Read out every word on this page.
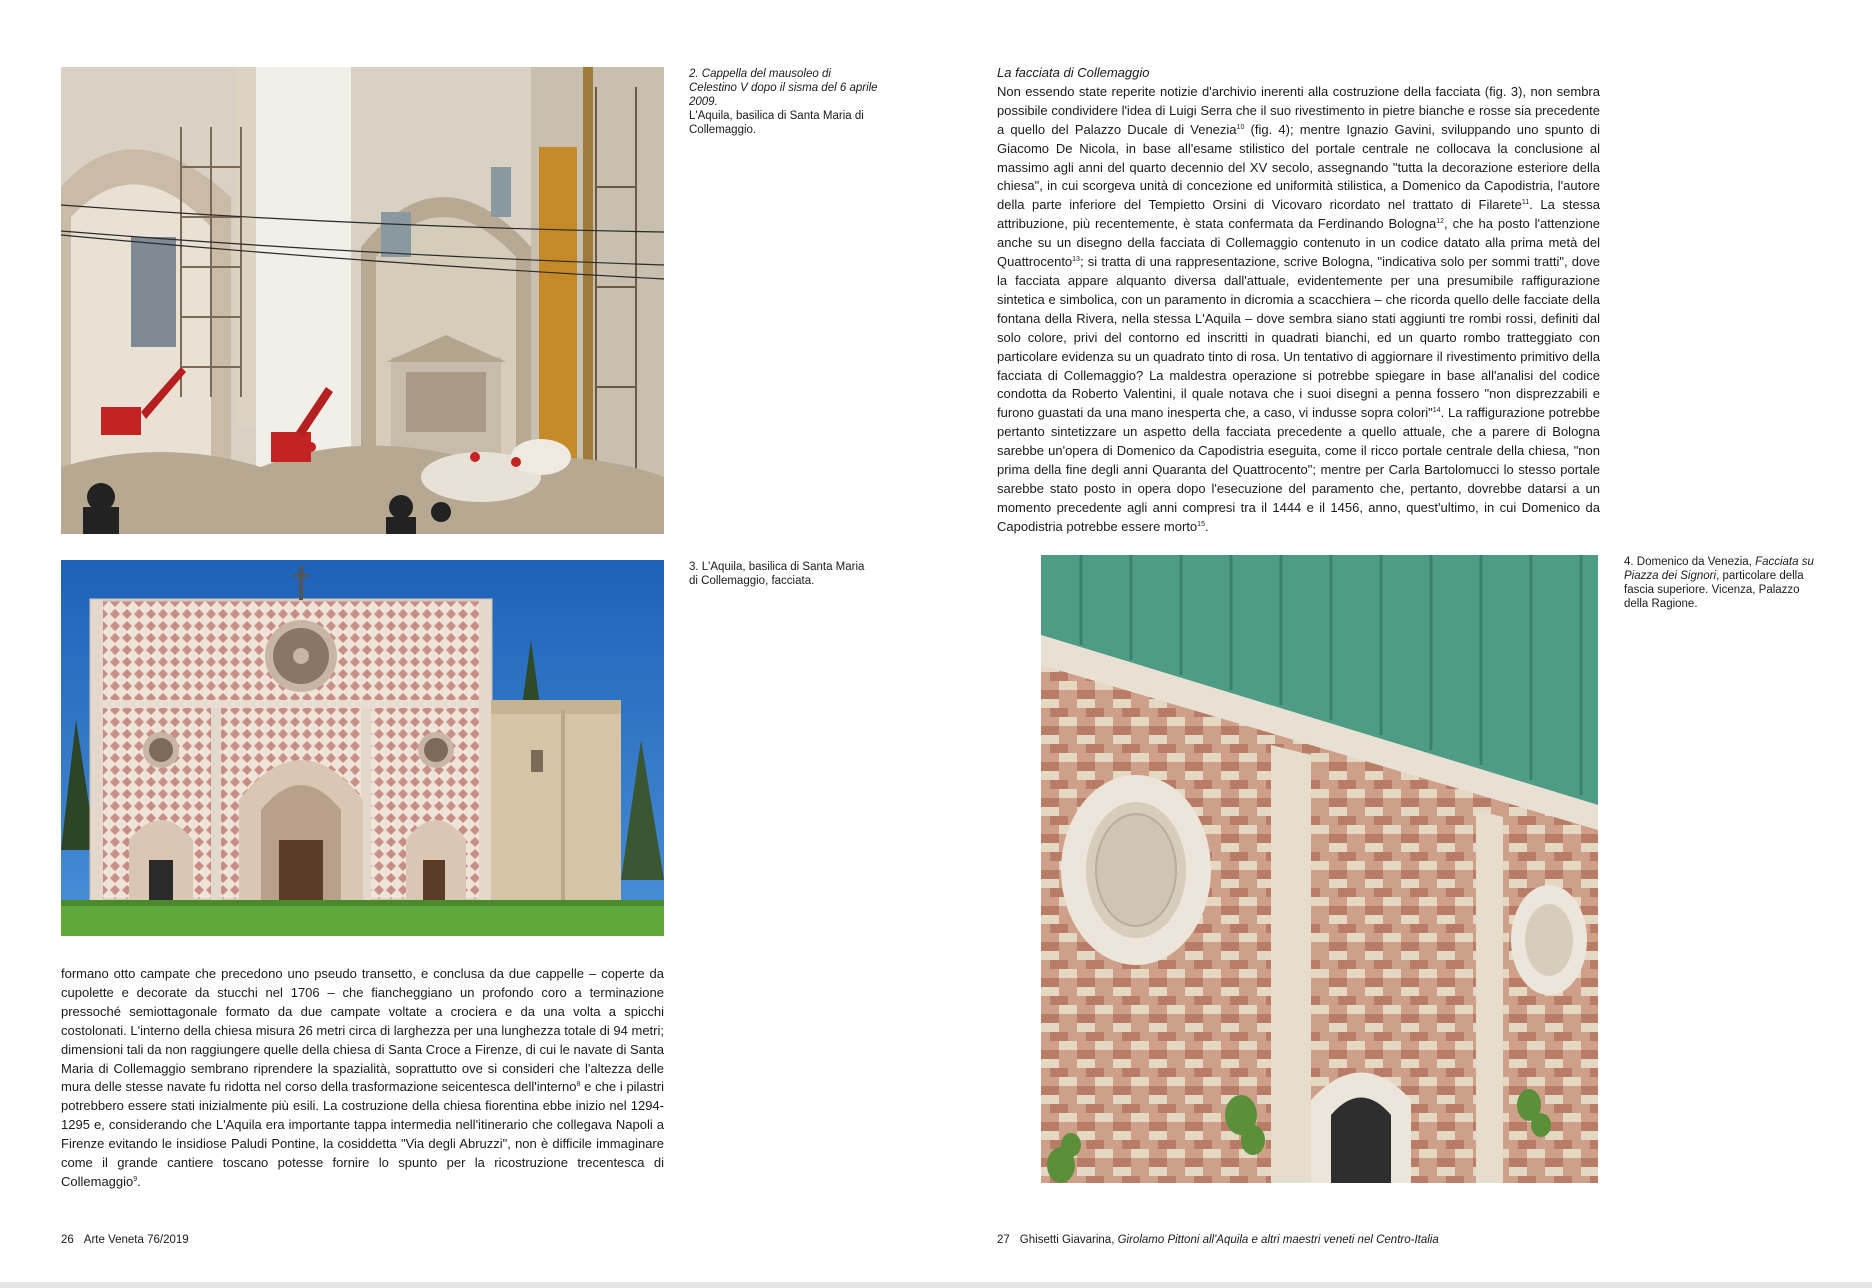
2. Cappella del mausoleo di Celestino V dopo il sisma del 6 aprile 2009.
L'Aquila, basilica di Santa Maria di Collemaggio.

3. L'Aquila, basilica di Santa Maria di Collemaggio, facciata.

formano otto campate che precedono uno pseudo transetto, e conclusa da due cappelle – coperte da cupolette e decorate da stucchi nel 1706 – che fiancheggiano un profondo coro a terminazione pressoché semiottagonale formato da due campate voltate a crociera e da una volta a spicchi costolonati. L'interno della chiesa misura 26 metri circa di larghezza per una lunghezza totale di 94 metri; dimensioni tali da non raggiungere quelle della chiesa di Santa Croce a Firenze, di cui le navate di Santa Maria di Collemaggio sembrano riprendere la spazialità, soprattutto ove si consideri che l'altezza delle mura delle stesse navate fu ridotta nel corso della trasformazione seicentesca dell'interno$^8$ e che i pilastri potrebbero essere stati inizialmente più esili. La costruzione della chiesa fiorentina ebbe inizio nel 1294-1295 e, considerando che L'Aquila era importante tappa intermedia nell'itinerario che collegava Napoli a Firenze evitando le insidiose Paludi Pontine, la cosiddetta "Via degli Abruzzi", non è difficile immaginare come il grande cantiere toscano potesse fornire lo spunto per la ricostruzione trecentesca di Collemaggio$^9$.

26 Arte Veneta 76/2019

La facciata di Collemaggio

Non essendo state reperite notizie d'archivio inerenti alla costruzione della facciata (fig. 3), non sembra possibile condividere l'idea di Luigi Serra che il suo rivestimento in pietre bianche e rosse sia precedente a quello del Palazzo Ducale di Venezia$^{10}$ (fig. 4); mentre Ignazio Gavini, sviluppando uno spunto di Giacomo De Nicola, in base all'esame stilistico del portale centrale ne collocava la conclusione al massimo agli anni del quarto decennio del XV secolo, assegnando "tutta la decorazione esteriore della chiesa", in cui scorgeva unità di concezione ed uniformità stilistica, a Domenico da Capodistria, l'autore della parte inferiore del Tempietto Orsini di Vicovaro ricordato nel trattato di Filarete$^{11}$. La stessa attribuzione, più recentemente, è stata confermata da Ferdinando Bologna$^{12}$, che ha posto l'attenzione anche su un disegno della facciata di Collemaggio contenuto in un codice datato alla prima metà del Quattrocento$^{13}$; si tratta di una rappresentazione, scrive Bologna, "indicativa solo per sommi tratti", dove la facciata appare alquanto diversa dall'attuale, evidentemente per una presumibile raffigurazione sintetica e simbolica, con un paramento in dicromia a scacchiera – che ricorda quello delle facciate della fontana della Rivera, nella stessa L'Aquila – dove sembra siano stati aggiunti tre rombi rossi, definiti dal solo colore, privi del contorno ed inscritti in quadrati bianchi, ed un quarto rombo tratteggiato con particolare evidenza su un quadrato tinto di rosa. Un tentativo di aggiornare il rivestimento primitivo della facciata di Collemaggio? La maldestra operazione si potrebbe spiegare in base all'analisi del codice condotta da Roberto Valentini, il quale notava che i suoi disegni a penna fossero "non disprezzabili e furono guastati da una mano inesperta che, a caso, vi indusse sopra colori"$^{14}$. La raffigurazione potrebbe pertanto sintetizzare un aspetto della facciata precedente a quello attuale, che a parere di Bologna sarebbe un'opera di Domenico da Capodistria eseguita, come il ricco portale centrale della chiesa, "non prima della fine degli anni Quaranta del Quattrocento"; mentre per Carla Bartolomucci lo stesso portale sarebbe stato posto in opera dopo l'esecuzione del paramento che, pertanto, dovrebbe datarsi a un momento precedente agli anni compresi tra il 1444 e il 1456, anno, quest'ultimo, in cui Domenico da Capodistria potrebbe essere morto$^{15}$.

4. Domenico da Venezia, Facciata su Piazza dei Signori, particolare della fascia superiore. Vicenza, Palazzo della Ragione.

27 Ghisetti Giavarina, Girolamo Pittoni all'Aquila e altri maestri veneti nel Centro-Italia
